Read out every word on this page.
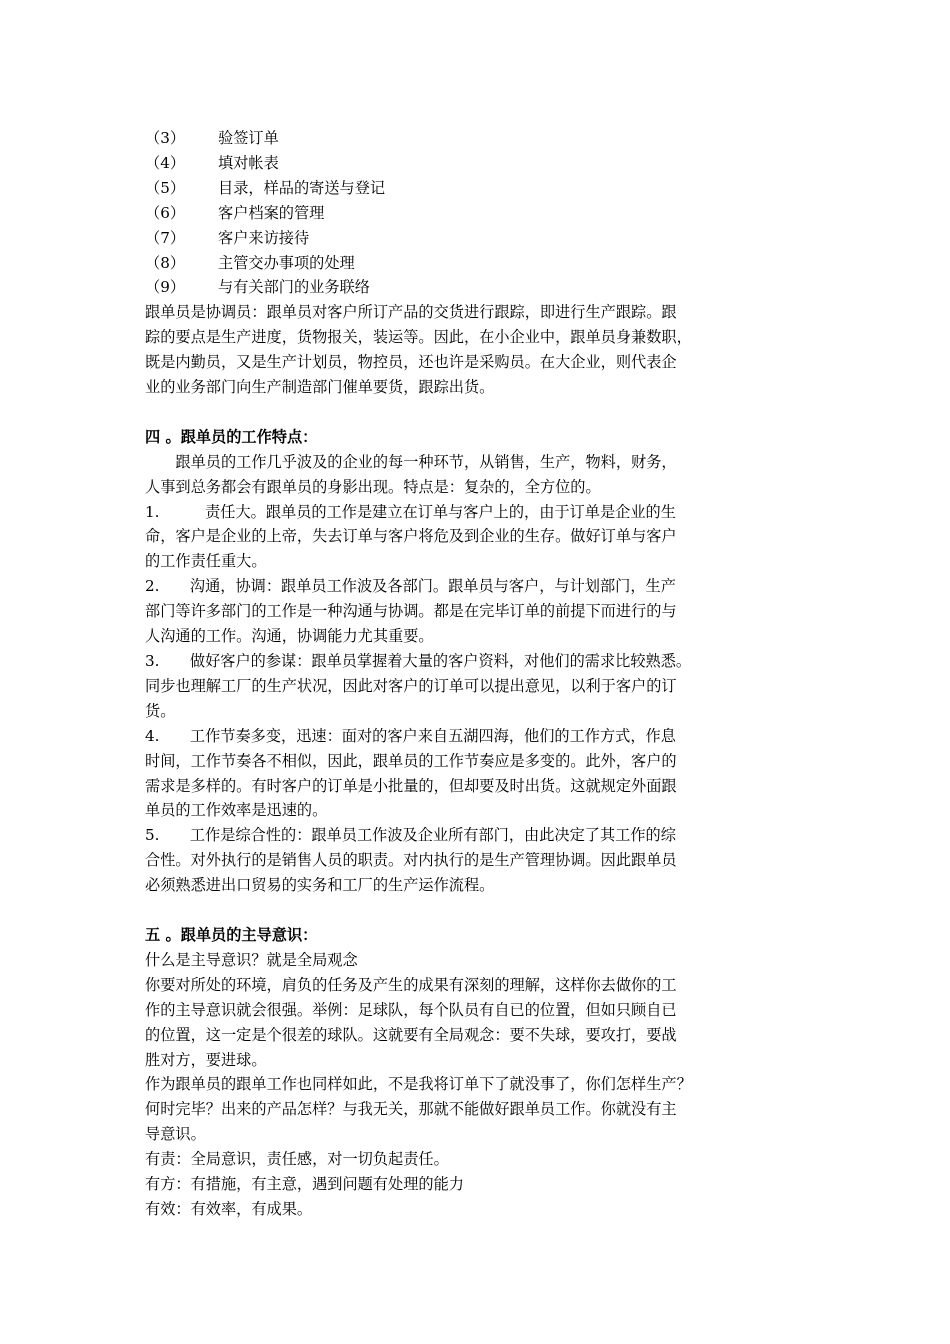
（3） 验签订单
（4） 填对帐表
（5） 目录，样品的寄送与登记
（6） 客户档案的管理
（7） 客户来访接待
（8） 主管交办事项的处理
（9） 与有关部门的业务联络
跟单员是协调员：跟单员对客户所订产品的交货进行跟踪，即进行生产跟踪。跟
踪的要点是生产进度，货物报关，装运等。因此，在小企业中，跟单员身兼数职，
既是内勤员，又是生产计划员，物控员，还也许是采购员。在大企业，则代表企
业的业务部门向生产制造部门催单要货，跟踪出货。
四 。跟单员的工作特点：
　　跟单员的工作几乎波及的企业的每一种环节，从销售，生产，物料，财务，
人事到总务都会有跟单员的身影出现。特点是：复杂的，全方位的。
1.　　　责任大。跟单员的工作是建立在订单与客户上的，由于订单是企业的生
命，客户是企业的上帝，失去订单与客户将危及到企业的生存。做好订单与客户
的工作责任重大。
2.　　沟通，协调：跟单员工作波及各部门。跟单员与客户，与计划部门，生产
部门等许多部门的工作是一种沟通与协调。都是在完毕订单的前提下而进行的与
人沟通的工作。沟通，协调能力尤其重要。
3.　　做好客户的参谋：跟单员掌握着大量的客户资料，对他们的需求比较熟悉。
同步也理解工厂的生产状况，因此对客户的订单可以提出意见，以利于客户的订
货。
4.　　工作节奏多变，迅速：面对的客户来自五湖四海，他们的工作方式，作息
时间，工作节奏各不相似，因此，跟单员的工作节奏应是多变的。此外，客户的
需求是多样的。有时客户的订单是小批量的，但却要及时出货。这就规定外面跟
单员的工作效率是迅速的。
5.　　工作是综合性的：跟单员工作波及企业所有部门，由此决定了其工作的综
合性。对外执行的是销售人员的职责。对内执行的是生产管理协调。因此跟单员
必须熟悉进出口贸易的实务和工厂的生产运作流程。
五 。跟单员的主导意识：
什么是主导意识？就是全局观念
你要对所处的环境，肩负的任务及产生的成果有深刻的理解，这样你去做你的工
作的主导意识就会很强。举例：足球队，每个队员有自已的位置，但如只顾自已
的位置，这一定是个很差的球队。这就要有全局观念：要不失球，要攻打，要战
胜对方，要进球。
作为跟单员的跟单工作也同样如此，不是我将订单下了就没事了，你们怎样生产？
何时完毕？出来的产品怎样？与我无关，那就不能做好跟单员工作。你就没有主
导意识。
有责：全局意识，责任感，对一切负起责任。
有方：有措施，有主意，遇到问题有处理的能力
有效：有效率，有成果。
